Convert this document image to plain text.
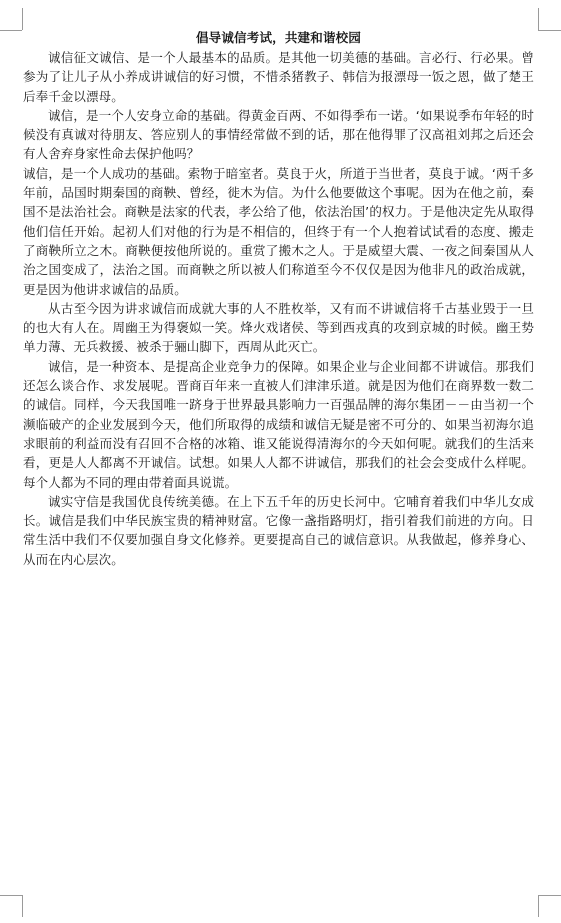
倡导诚信考试，共建和谐校园

诚信征文诚信、是一个人最基本的品质。是其他一切美德的基础。言必行、行必果。曾参为了让儿子从小养成讲诚信的好习惯，不惜杀猪教子、韩信为报漂母一饭之恩，做了楚王后奉千金以漂母。

诚信，是一个人安身立命的基础。得黄金百两、不如得季布一诺。‘如果说季布年轻的时候没有真诚对待朋友、答应别人的事情经常做不到的话，那在他得罪了汉高祖刘邦之后还会有人舍弃身家性命去保护他吗？

诚信，是一个人成功的基础。索物于暗室者。莫良于火，所道于当世者，莫良于诚。‘两千多年前，品国时期秦国的商鞅、曾经，徙木为信。为什么他要做这个事呢。因为在他之前，秦国不是法治社会。商鞅是法家的代表，孝公给了他，依法治国’的权力。于是他决定先从取得他们信任开始。起初人们对他的行为是不相信的，但终于有一个人抱着试试看的态度、搬走了商鞅所立之木。商鞅便按他所说的。重赏了搬木之人。于是威望大震、一夜之间秦国从人治之国变成了，法治之国。而商鞅之所以被人们称道至今不仅仅是因为他非凡的政治成就，更是因为他讲求诚信的品质。

从古至今因为讲求诚信而成就大事的人不胜枚举，又有而不讲诚信将千古基业毁于一旦的也大有人在。周幽王为得褒姒一笑。烽火戏诸侯、等到西戎真的攻到京城的时候。幽王势单力薄、无兵救援、被杀于骊山脚下，西周从此灭亡。

诚信，是一种资本、是提高企业竞争力的保障。如果企业与企业间都不讲诚信。那我们还怎么谈合作、求发展呢。晋商百年来一直被人们津津乐道。就是因为他们在商界数一数二的诚信。同样，今天我国唯一跻身于世界最具影响力一百强品牌的海尔集团－－由当初一个濒临破产的企业发展到今天，他们所取得的成绩和诚信无疑是密不可分的、如果当初海尔追求眼前的利益而没有召回不合格的冰箱、谁又能说得清海尔的今天如何呢。就我们的生活来看，更是人人都离不开诚信。试想。如果人人都不讲诚信，那我们的社会会变成什么样呢。每个人都为不同的理由带着面具说谎。

诚实守信是我国优良传统美德。在上下五千年的历史长河中。它哺育着我们中华儿女成长。诚信是我们中华民族宝贵的精神财富。它像一盏指路明灯，指引着我们前进的方向。日常生活中我们不仅要加强自身文化修养。更要提高自己的诚信意识。从我做起，修养身心、从而在内心层次。
